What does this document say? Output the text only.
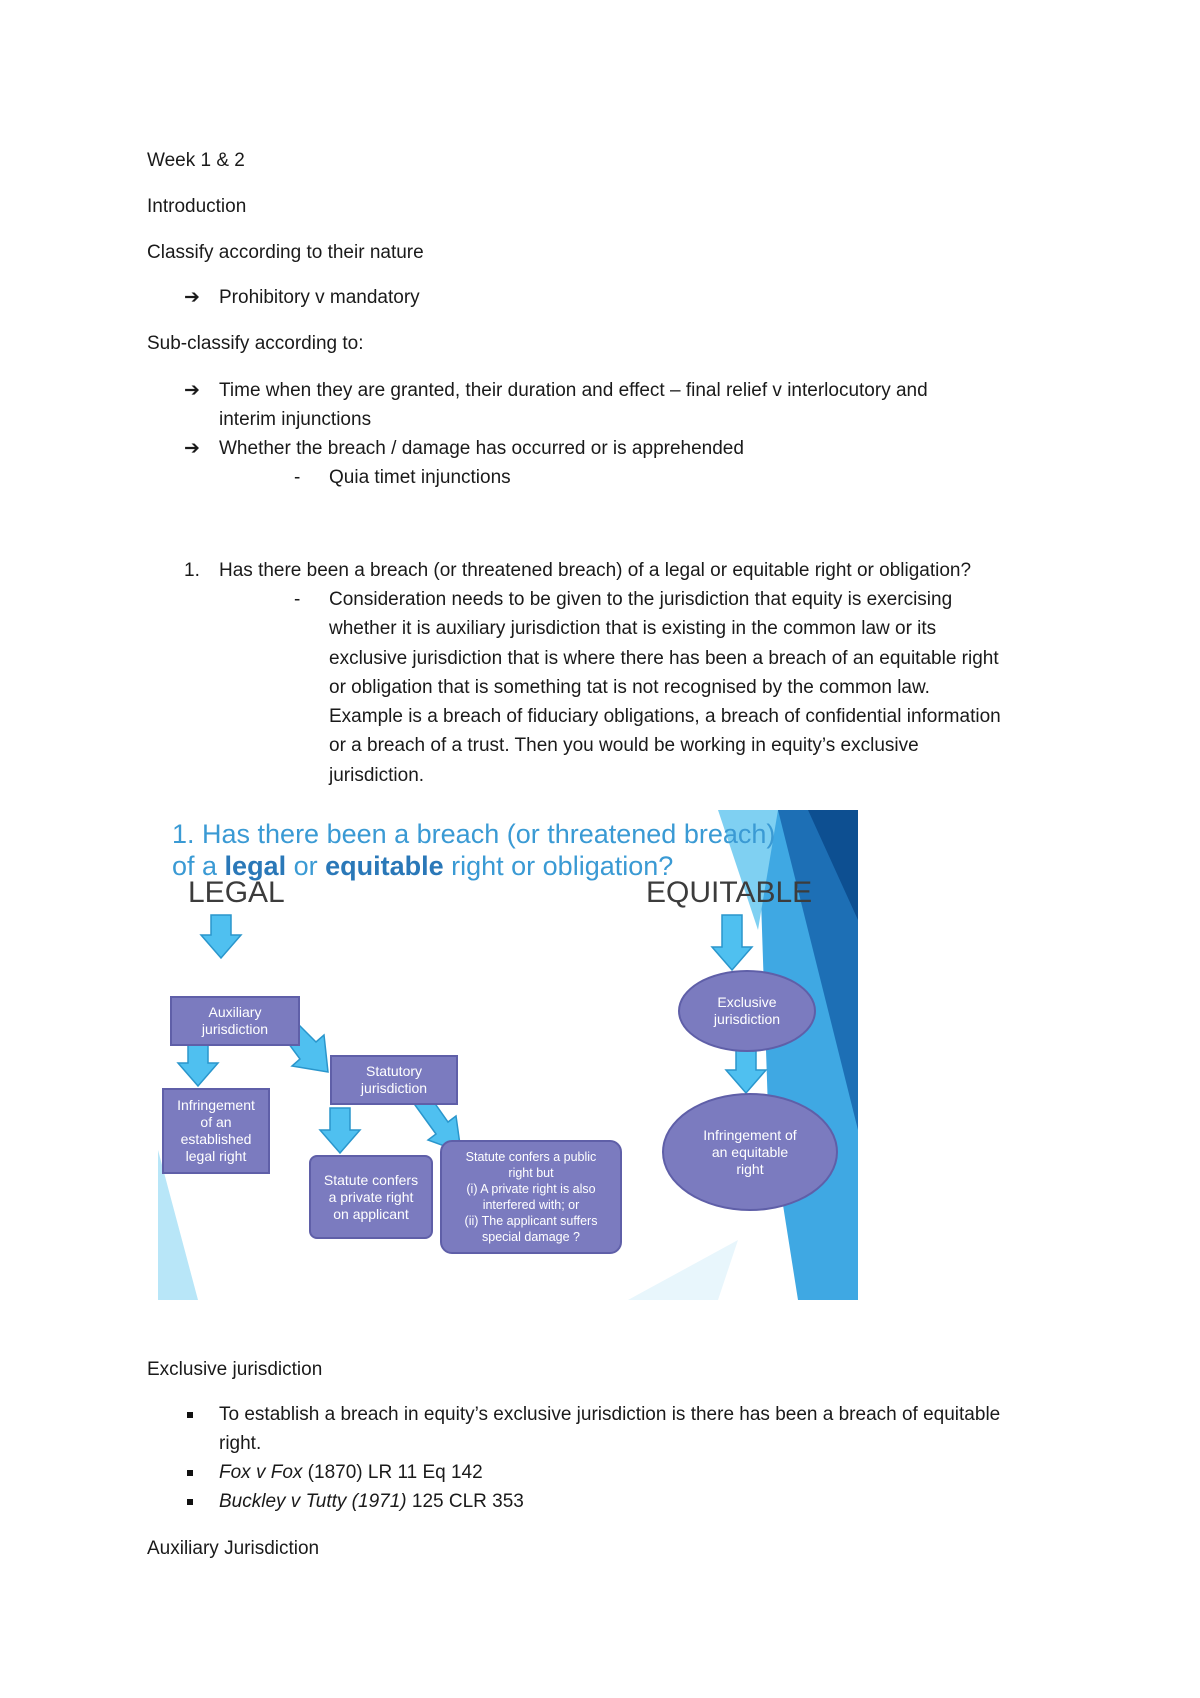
Week 1 & 2
Introduction
Classify according to their nature
➔ Prohibitory v mandatory
Sub-classify according to:
➔ Time when they are granted, their duration and effect – final relief v interlocutory and
interim injunctions
➔ Whether the breach / damage has occurred or is apprehended
- Quia timet injunctions
1. Has there been a breach (or threatened breach) of a legal or equitable right or obligation?
- Consideration needs to be given to the jurisdiction that equity is exercising
whether it is auxiliary jurisdiction that is existing in the common law or its
exclusive jurisdiction that is where there has been a breach of an equitable right
or obligation that is something tat is not recognised by the common law.
Example is a breach of fiduciary obligations, a breach of confidential information
or a breach of a trust. Then you would be working in equity’s exclusive
jurisdiction.
1. Has there been a breach (or threatened breach)
of a legal or equitable right or obligation?
LEGAL	EQUITABLE
Auxiliary
jurisdiction
Statutory
jurisdiction
Infringement
of an
established
legal right
Statute confers
a private right
on applicant
Statute confers a public
right but
(i) A private right is also
interfered with; or
(ii) The applicant suffers
special damage ?
Exclusive
jurisdiction
Infringement of
an equitable
right
Exclusive jurisdiction
To establish a breach in equity’s exclusive jurisdiction is there has been a breach of equitable
right.
Fox v Fox (1870) LR 11 Eq 142
Buckley v Tutty (1971) 125 CLR 353
Auxiliary Jurisdiction
